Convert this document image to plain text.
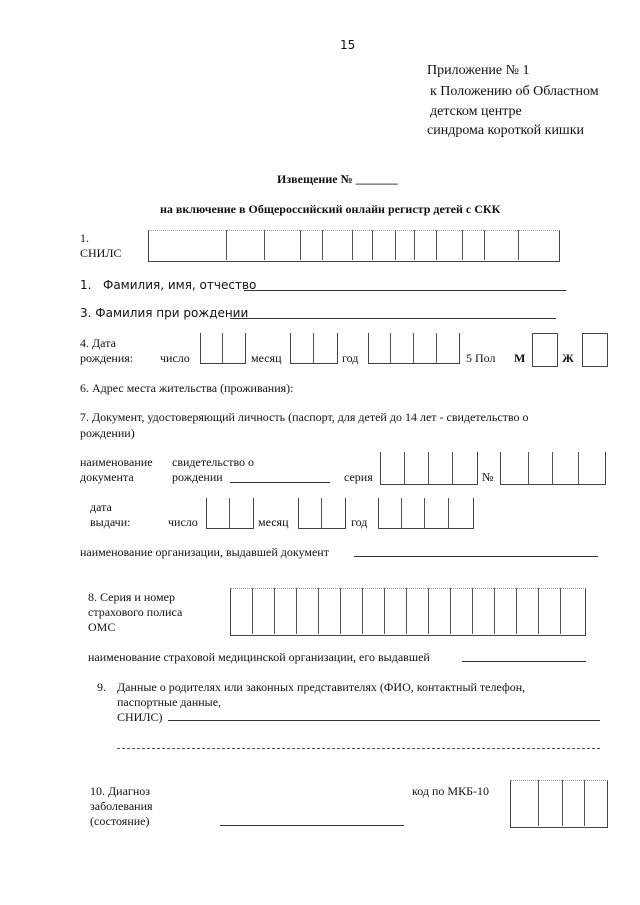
15
Приложение № 1
к Положению об Областном
детском центре
синдрома короткой кишки
Извещение № _______
на включение в Общероссийский онлайн регистр детей с СКК
1.
СНИЛС
1. Фамилия, имя, отчество
3. Фамилия при рождении
4. Дата
рождения: число	месяц	год	5 Пол М	Ж
6. Адрес места жительства (проживания):
7. Документ, удостоверяющий личность (паспорт, для детей до 14 лет - свидетельство о
рождении)
наименование
документа
свидетельство о
рождении	серия	№
дата
выдачи:	число	месяц	год
наименование организации, выдавшей документ
8. Серия и номер
страхового полиса
ОМС
наименование страховой медицинской организации, его выдавшей
9. Данные о родителях или законных представителях (ФИО, контактный телефон,
паспортные данные,
СНИЛС)
10. Диагноз
заболевания
(состояние)
код по МКБ-10
